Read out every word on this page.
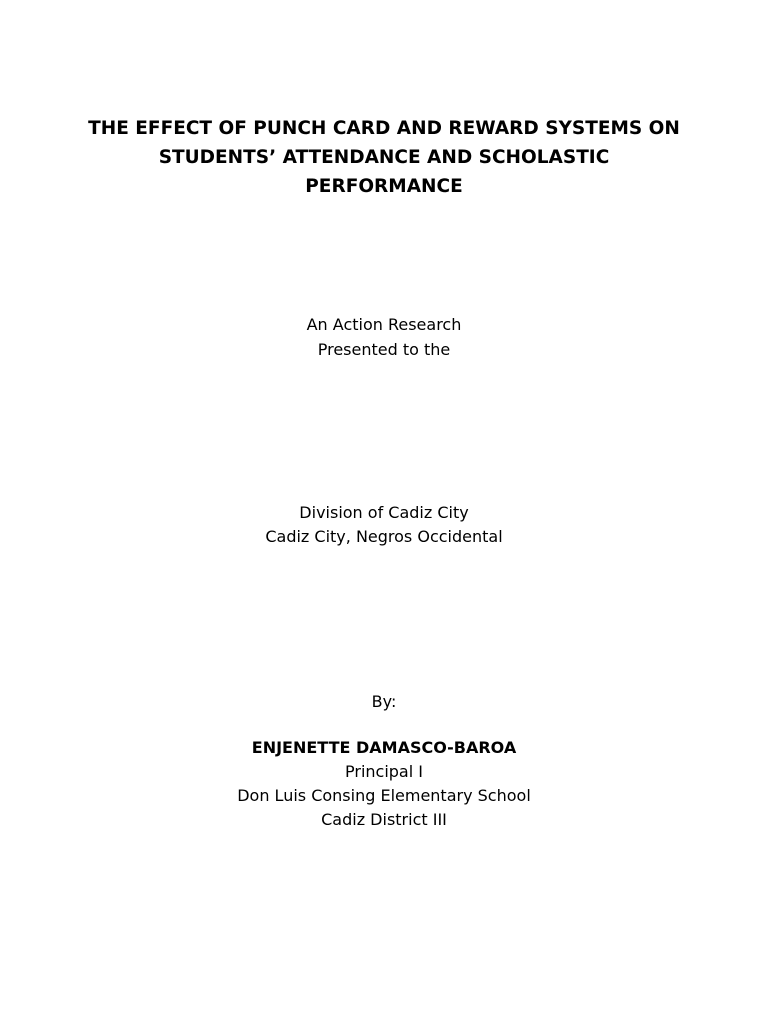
THE EFFECT OF PUNCH CARD AND REWARD SYSTEMS ON
STUDENTS’ ATTENDANCE AND SCHOLASTIC
PERFORMANCE
An Action Research
Presented to the
Division of Cadiz City
Cadiz City, Negros Occidental
By:
ENJENETTE DAMASCO-BAROA
Principal I
Don Luis Consing Elementary School
Cadiz District III
